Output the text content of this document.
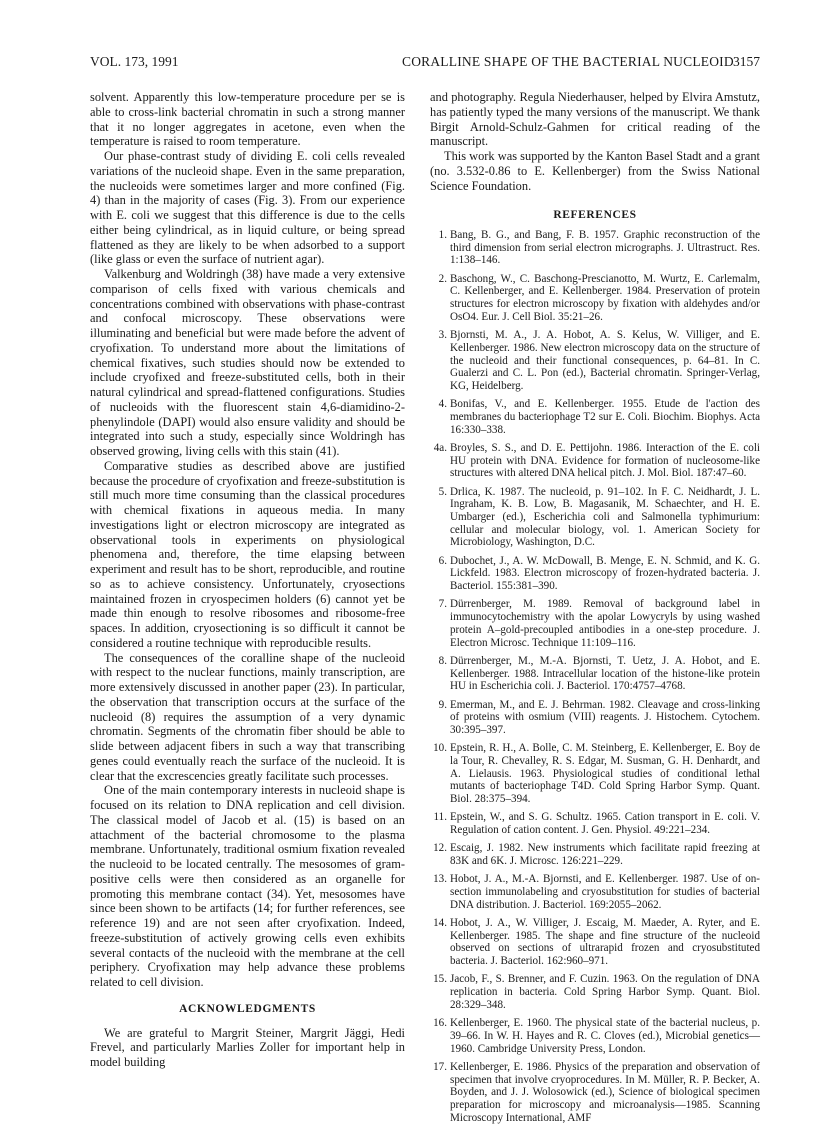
VOL. 173, 1991	CORALLINE SHAPE OF THE BACTERIAL NUCLEOID 3157

solvent. Apparently this low-temperature procedure per se is able to cross-link bacterial chromatin in such a strong manner that it no longer aggregates in acetone, even when the temperature is raised to room temperature.

Our phase-contrast study of dividing E. coli cells revealed variations of the nucleoid shape. Even in the same preparation, the nucleoids were sometimes larger and more confined (Fig. 4) than in the majority of cases (Fig. 3). From our experience with E. coli we suggest that this difference is due to the cells either being cylindrical, as in liquid culture, or being spread flattened as they are likely to be when adsorbed to a support (like glass or even the surface of nutrient agar).

Valkenburg and Woldringh (38) have made a very extensive comparison of cells fixed with various chemicals and concentrations combined with observations with phase-contrast and confocal microscopy. These observations were illuminating and beneficial but were made before the advent of cryofixation. To understand more about the limitations of chemical fixatives, such studies should now be extended to include cryofixed and freeze-substituted cells, both in their natural cylindrical and spread-flattened configurations. Studies of nucleoids with the fluorescent stain 4,6-diamidino-2-phenylindole (DAPI) would also ensure validity and should be integrated into such a study, especially since Woldringh has observed growing, living cells with this stain (41).

Comparative studies as described above are justified because the procedure of cryofixation and freeze-substitution is still much more time consuming than the classical procedures with chemical fixations in aqueous media. In many investigations light or electron microscopy are integrated as observational tools in experiments on physiological phenomena and, therefore, the time elapsing between experiment and result has to be short, reproducible, and routine so as to achieve consistency. Unfortunately, cryosections maintained frozen in cryospecimen holders (6) cannot yet be made thin enough to resolve ribosomes and ribosome-free spaces. In addition, cryosectioning is so difficult it cannot be considered a routine technique with reproducible results.

The consequences of the coralline shape of the nucleoid with respect to the nuclear functions, mainly transcription, are more extensively discussed in another paper (23). In particular, the observation that transcription occurs at the surface of the nucleoid (8) requires the assumption of a very dynamic chromatin. Segments of the chromatin fiber should be able to slide between adjacent fibers in such a way that transcribing genes could eventually reach the surface of the nucleoid. It is clear that the excrescencies greatly facilitate such processes.

One of the main contemporary interests in nucleoid shape is focused on its relation to DNA replication and cell division. The classical model of Jacob et al. (15) is based on an attachment of the bacterial chromosome to the plasma membrane. Unfortunately, traditional osmium fixation revealed the nucleoid to be located centrally. The mesosomes of gram-positive cells were then considered as an organelle for promoting this membrane contact (34). Yet, mesosomes have since been shown to be artifacts (14; for further references, see reference 19) and are not seen after cryofixation. Indeed, freeze-substitution of actively growing cells even exhibits several contacts of the nucleoid with the membrane at the cell periphery. Cryofixation may help advance these problems related to cell division.

ACKNOWLEDGMENTS

We are grateful to Margrit Steiner, Margrit Jäggi, Hedi Frevel, and particularly Marlies Zoller for important help in model building

and photography. Regula Niederhauser, helped by Elvira Amstutz, has patiently typed the many versions of the manuscript. We thank Birgit Arnold-Schulz-Gahmen for critical reading of the manuscript.

This work was supported by the Kanton Basel Stadt and a grant (no. 3.532-0.86 to E. Kellenberger) from the Swiss National Science Foundation.

REFERENCES
1. Bang, B. G., and Bang, F. B. 1957. Graphic reconstruction of the third dimension from serial electron micrographs. J. Ultrastruct. Res. 1:138–146.
2. Baschong, W., C. Baschong-Prescianotto, M. Wurtz, E. Carlemalm, C. Kellenberger, and E. Kellenberger. 1984. Preservation of protein structures for electron microscopy by fixation with aldehydes and/or OsO4. Eur. J. Cell Biol. 35:21–26.
3. Bjornsti, M. A., J. A. Hobot, A. S. Kelus, W. Villiger, and E. Kellenberger. 1986. New electron microscopy data on the structure of the nucleoid and their functional consequences, p. 64–81. In C. Gualerzi and C. L. Pon (ed.), Bacterial chromatin. Springer-Verlag, KG, Heidelberg.
4. Bonifas, V., and E. Kellenberger. 1955. Etude de l'action des membranes du bacteriophage T2 sur E. Coli. Biochim. Biophys. Acta 16:330–338.
4a. Broyles, S. S., and D. E. Pettijohn. 1986. Interaction of the E. coli HU protein with DNA. Evidence for formation of nucleosome-like structures with altered DNA helical pitch. J. Mol. Biol. 187:47–60.
5. Drlica, K. 1987. The nucleoid, p. 91–102. In F. C. Neidhardt, J. L. Ingraham, K. B. Low, B. Magasanik, M. Schaechter, and H. E. Umbarger (ed.), Escherichia coli and Salmonella typhimurium: cellular and molecular biology, vol. 1. American Society for Microbiology, Washington, D.C.
6. Dubochet, J., A. W. McDowall, B. Menge, E. N. Schmid, and K. G. Lickfeld. 1983. Electron microscopy of frozen-hydrated bacteria. J. Bacteriol. 155:381–390.
7. Dürrenberger, M. 1989. Removal of background label in immunocytochemistry with the apolar Lowycryls by using washed protein A–gold-precoupled antibodies in a one-step procedure. J. Electron Microsc. Technique 11:109–116.
8. Dürrenberger, M., M.-A. Bjornsti, T. Uetz, J. A. Hobot, and E. Kellenberger. 1988. Intracellular location of the histone-like protein HU in Escherichia coli. J. Bacteriol. 170:4757–4768.
9. Emerman, M., and E. J. Behrman. 1982. Cleavage and cross-linking of proteins with osmium (VIII) reagents. J. Histochem. Cytochem. 30:395–397.
10. Epstein, R. H., A. Bolle, C. M. Steinberg, E. Kellenberger, E. Boy de la Tour, R. Chevalley, R. S. Edgar, M. Susman, G. H. Denhardt, and A. Lielausis. 1963. Physiological studies of conditional lethal mutants of bacteriophage T4D. Cold Spring Harbor Symp. Quant. Biol. 28:375–394.
11. Epstein, W., and S. G. Schultz. 1965. Cation transport in E. coli. V. Regulation of cation content. J. Gen. Physiol. 49:221–234.
12. Escaig, J. 1982. New instruments which facilitate rapid freezing at 83K and 6K. J. Microsc. 126:221–229.
13. Hobot, J. A., M.-A. Bjornsti, and E. Kellenberger. 1987. Use of on-section immunolabeling and cryosubstitution for studies of bacterial DNA distribution. J. Bacteriol. 169:2055–2062.
14. Hobot, J. A., W. Villiger, J. Escaig, M. Maeder, A. Ryter, and E. Kellenberger. 1985. The shape and fine structure of the nucleoid observed on sections of ultrarapid frozen and cryosubstituted bacteria. J. Bacteriol. 162:960–971.
15. Jacob, F., S. Brenner, and F. Cuzin. 1963. On the regulation of DNA replication in bacteria. Cold Spring Harbor Symp. Quant. Biol. 28:329–348.
16. Kellenberger, E. 1960. The physical state of the bacterial nucleus, p. 39–66. In W. H. Hayes and R. C. Cloves (ed.), Microbial genetics—1960. Cambridge University Press, London.
17. Kellenberger, E. 1986. Physics of the preparation and observation of specimen that involve cryoprocedures. In M. Müller, R. P. Becker, A. Boyden, and J. J. Wolosowick (ed.), Science of biological specimen preparation for microscopy and microanalysis—1985. Scanning Microscopy International, AMF
